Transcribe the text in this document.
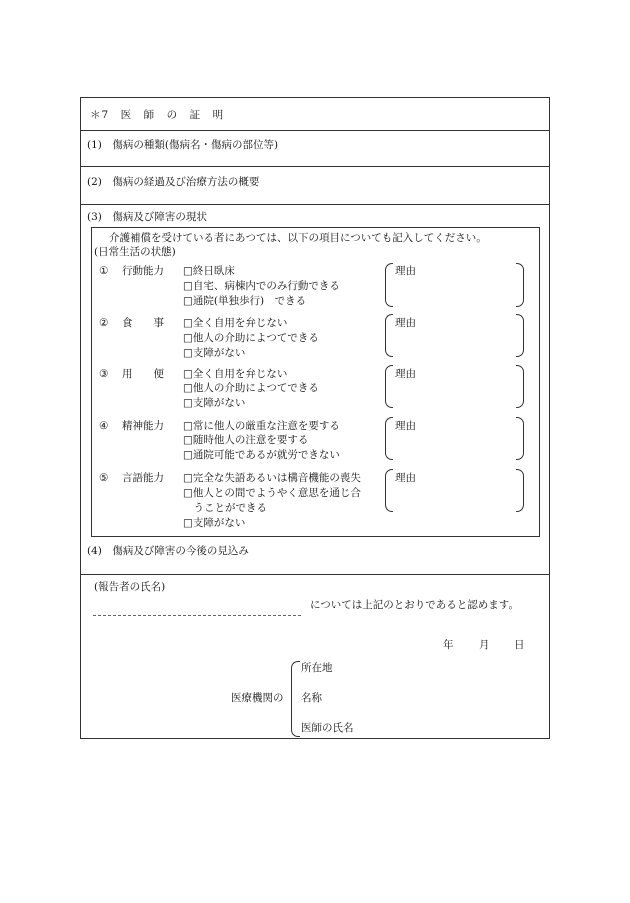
＊7　医　師　の　証　明
(1)　傷病の種類(傷病名・傷病の部位等)
(2)　傷病の経過及び治療方法の概要
(3)　傷病及び障害の現状
介護補償を受けている者にあつては、以下の項目についても記入してください。
(日常生活の状態)
① 行動能力 □終日臥床
□自宅、病棟内でのみ行動できる
□通院(単独歩行)　できる
理由
② 食　　事 □全く自用を弁じない
□他人の介助によつてできる
□支障がない
理由
③ 用　　便 □全く自用を弁じない
□他人の介助によつてできる
□支障がない
理由
④ 精神能力 □常に他人の厳重な注意を要する
□随時他人の注意を要する
□通院可能であるが就労できない
理由
⑤ 言語能力 □完全な失語あるいは構音機能の喪失
□他人との間でようやく意思を通じ合
　うことができる
□支障がない
理由
(4)　傷病及び障害の今後の見込み
(報告者の氏名)
については上記のとおりであると認めます。
年 月 日
医療機関の
所在地
名称
医師の氏名
